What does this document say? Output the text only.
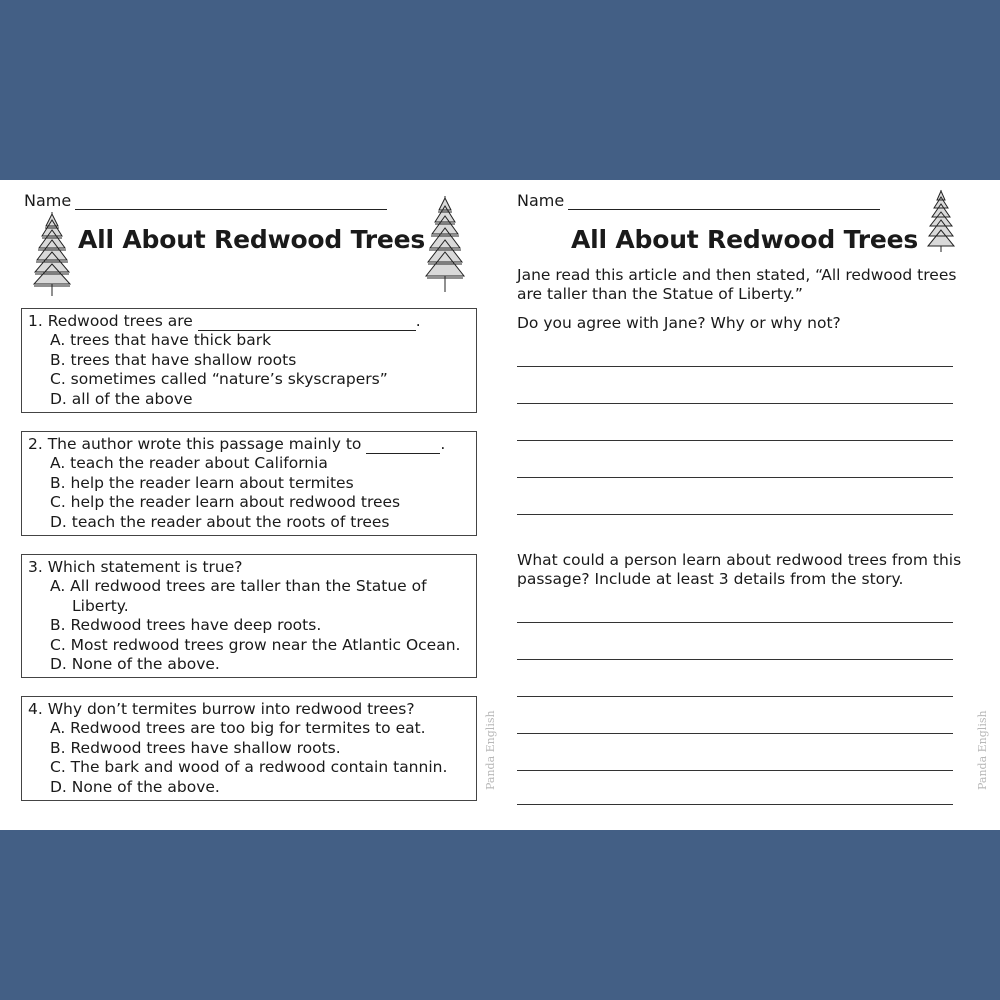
Name
All About Redwood Trees
1. Redwood trees are	.
A. trees that have thick bark
B. trees that have shallow roots
C. sometimes called “nature’s skyscrapers”
D. all of the above
2. The author wrote this passage mainly to	.
A. teach the reader about California
B. help the reader learn about termites
C. help the reader learn about redwood trees
D. teach the reader about the roots of trees
3. Which statement is true?
A. All redwood trees are taller than the Statue of Liberty.
B. Redwood trees have deep roots.
C. Most redwood trees grow near the Atlantic Ocean.
D. None of the above.
4. Why don’t termites burrow into redwood trees?
A. Redwood trees are too big for termites to eat.
B. Redwood trees have shallow roots.
C. The bark and wood of a redwood contain tannin.
D. None of the above.	Panda English
Name
All About Redwood Trees
Jane read this article and then stated, “All redwood trees are taller than the Statue of Liberty.”
Do you agree with Jane? Why or why not?
What could a person learn about redwood trees from this passage? Include at least 3 details from the story.
Panda English
